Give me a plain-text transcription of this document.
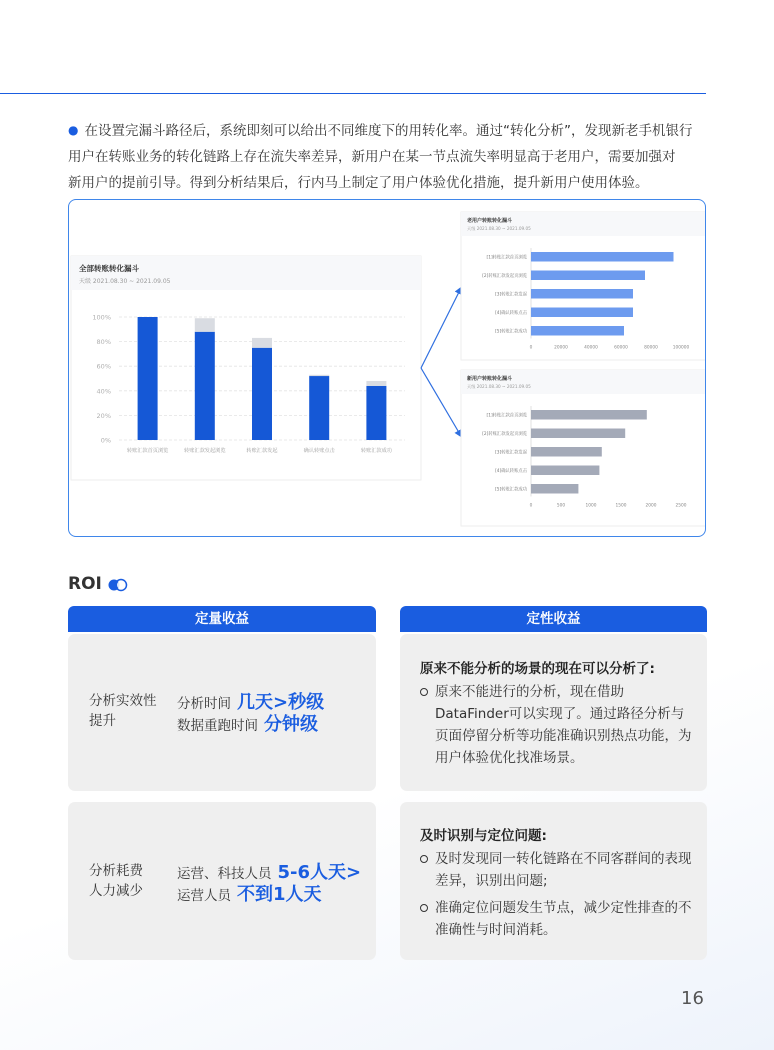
● 在设置完漏斗路径后，系统即刻可以给出不同维度下的用转化率。通过“转化分析”，发现新老手机银行
用户在转账业务的转化链路上存在流失率差异，新用户在某一节点流失率明显高于老用户，需要加强对
新用户的提前引导。得到分析结果后，行内马上制定了用户体验优化措施，提升新用户使用体验。

全部转账转化漏斗
天级 2021.08.30 ~ 2021.09.05
0%
20%
40%
60%
80%
100%
转账汇款首页浏览	转账汇款发起浏览	转账汇款发起	确认转账点击	转账汇款成功
老用户转账转化漏斗
天级 2021.08.30 ~ 2021.09.05
[1]转账汇款首页浏览
[2]转账汇款发起页浏览
[3]转账汇款发起
[4]确认转账点击
[5]转账汇款成功
0	20000	40000	60000	80000	100000
新用户转账转化漏斗
天级 2021.08.30 ~ 2021.09.05
[1]转账汇款首页浏览
[2]转账汇款发起页浏览
[3]转账汇款发起
[4]确认转账点击
[5]转账汇款成功
0	500	1000	1500	2000	2500
ROI
定量收益	定性收益
分析实效性
提升
分析时间 几天>秒级
数据重跑时间 分钟级
原来不能分析的场景的现在可以分析了:
原来不能进行的分析，现在借助DataFinder可以实现了。通过路径分析与页面停留分析等功能准确识别热点功能，为用户体验优化找准场景。
分析耗费
人力减少
运营、科技人员 5-6人天>
运营人员 不到1人天
及时识别与定位问题:
及时发现同一转化链路在不同客群间的表现差异，识别出问题;
准确定位问题发生节点，减少定性排查的不准确性与时间消耗。
16
